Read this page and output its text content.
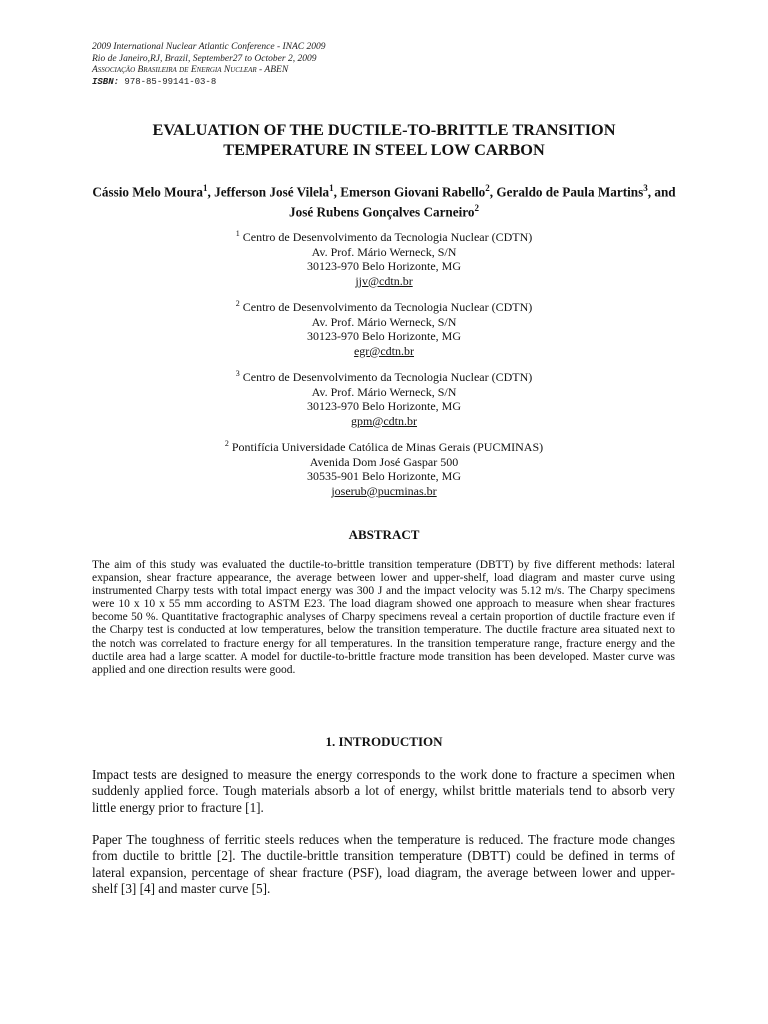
2009 International Nuclear Atlantic Conference - INAC 2009
Rio de Janeiro,RJ, Brazil, September27 to October 2, 2009
Associação Brasileira de Energia Nuclear - ABEN
ISBN: 978-85-99141-03-8
EVALUATION OF THE DUCTILE-TO-BRITTLE TRANSITION
TEMPERATURE IN STEEL LOW CARBON
Cássio Melo Moura$^1$, Jefferson José Vilela$^1$, Emerson Giovani Rabello$^2$, Geraldo de Paula Martins$^3$, and José Rubens Gonçalves Carneiro$^2$
$^1$ Centro de Desenvolvimento da Tecnologia Nuclear (CDTN)
Av. Prof. Mário Werneck, S/N
30123-970 Belo Horizonte, MG
jjv@cdtn.br
$^2$ Centro de Desenvolvimento da Tecnologia Nuclear (CDTN)
Av. Prof. Mário Werneck, S/N
30123-970 Belo Horizonte, MG
egr@cdtn.br
$^3$ Centro de Desenvolvimento da Tecnologia Nuclear (CDTN)
Av. Prof. Mário Werneck, S/N
30123-970 Belo Horizonte, MG
gpm@cdtn.br
$^2$ Pontifícia Universidade Católica de Minas Gerais (PUCMINAS)
Avenida Dom José Gaspar 500
30535-901 Belo Horizonte, MG
joserub@pucminas.br
ABSTRACT
The aim of this study was evaluated the ductile-to-brittle transition temperature (DBTT) by five different methods: lateral expansion, shear fracture appearance, the average between lower and upper-shelf, load diagram and master curve using instrumented Charpy tests with total impact energy was 300 J and the impact velocity was 5.12 m/s. The Charpy specimens were 10 x 10 x 55 mm according to ASTM E23. The load diagram showed one approach to measure when shear fractures become 50 %. Quantitative fractographic analyses of Charpy specimens reveal a certain proportion of ductile fracture even if the Charpy test is conducted at low temperatures, below the transition temperature. The ductile fracture area situated next to the notch was correlated to fracture energy for all temperatures. In the transition temperature range, fracture energy and the ductile area had a large scatter. A model for ductile-to-brittle fracture mode transition has been developed. Master curve was applied and one direction results were good.
1. INTRODUCTION
Impact tests are designed to measure the energy corresponds to the work done to fracture a specimen when suddenly applied force. Tough materials absorb a lot of energy, whilst brittle materials tend to absorb very little energy prior to fracture [1].
Paper The toughness of ferritic steels reduces when the temperature is reduced. The fracture mode changes from ductile to brittle [2]. The ductile-brittle transition temperature (DBTT) could be defined in terms of lateral expansion, percentage of shear fracture (PSF), load diagram, the average between lower and upper-shelf [3] [4] and master curve [5].
